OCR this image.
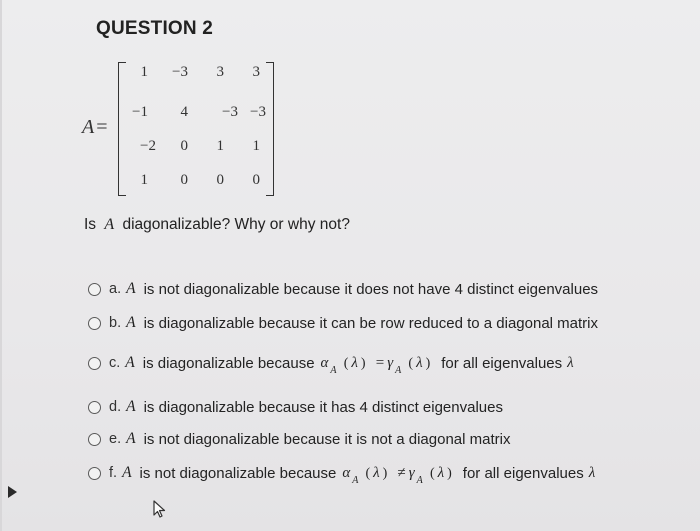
QUESTION 2
A =
1	−3	3	3
−1	4	−3 −3
−2	0	1	1
1	0	0	0
Is A diagonalizable? Why or why not?
a. A is not diagonalizable because it does not have 4 distinct eigenvalues
b. A is diagonalizable because it can be row reduced to a diagonal matrix
c. A is diagonalizable because α $_A$ ( λ ) = γ $_A$ ( λ ) for all eigenvalues λ
d. A is diagonalizable because it has 4 distinct eigenvalues
e. A is not diagonalizable because it is not a diagonal matrix
f. A is not diagonalizable because α $_A$ ( λ ) ≠ γ $_A$ ( λ ) for all eigenvalues λ
